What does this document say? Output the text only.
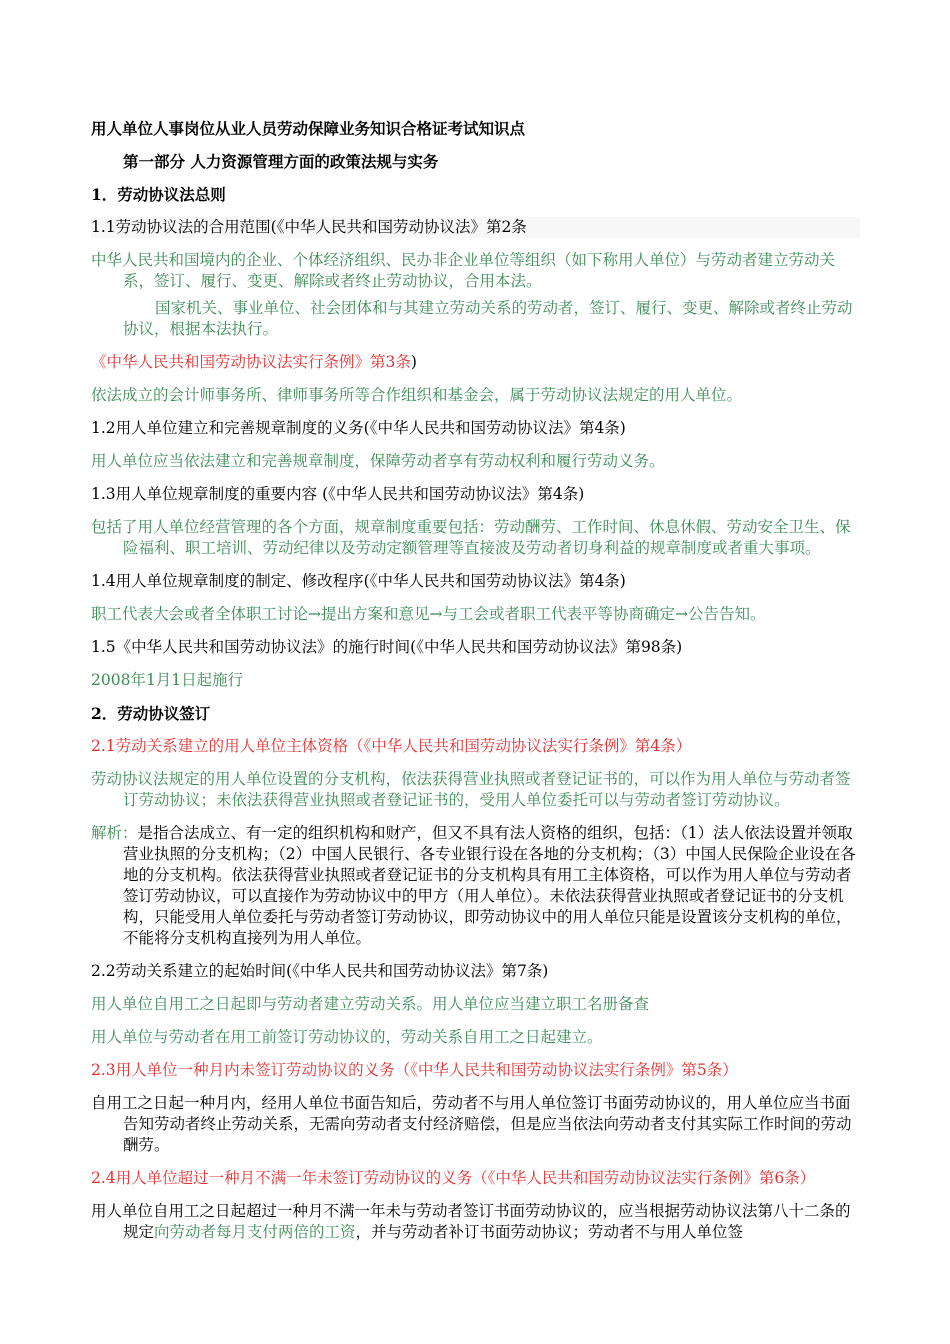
用人单位人事岗位从业人员劳动保障业务知识合格证考试知识点
第一部分 人力资源管理方面的政策法规与实务
1．劳动协议法总则
1.1劳动协议法的合用范围(《中华人民共和国劳动协议法》第2条
中华人民共和国境内的企业、个体经济组织、民办非企业单位等组织（如下称用人单位）与劳动者建立劳动关系，签订、履行、变更、解除或者终止劳动协议，合用本法。
国家机关、事业单位、社会团体和与其建立劳动关系的劳动者，签订、履行、变更、解除或者终止劳动协议，根据本法执行。
《中华人民共和国劳动协议法实行条例》第3条)
依法成立的会计师事务所、律师事务所等合作组织和基金会，属于劳动协议法规定的用人单位。
1.2用人单位建立和完善规章制度的义务(《中华人民共和国劳动协议法》第4条)
用人单位应当依法建立和完善规章制度，保障劳动者享有劳动权利和履行劳动义务。
1.3用人单位规章制度的重要内容 (《中华人民共和国劳动协议法》第4条)
包括了用人单位经营管理的各个方面，规章制度重要包括：劳动酬劳、工作时间、休息休假、劳动安全卫生、保险福利、职工培训、劳动纪律以及劳动定额管理等直接波及劳动者切身利益的规章制度或者重大事项。
1.4用人单位规章制度的制定、修改程序(《中华人民共和国劳动协议法》第4条)
职工代表大会或者全体职工讨论→提出方案和意见→与工会或者职工代表平等协商确定→公告告知。
1.5《中华人民共和国劳动协议法》的施行时间(《中华人民共和国劳动协议法》第98条)
2008年1月1日起施行
2．劳动协议签订
2.1劳动关系建立的用人单位主体资格（《中华人民共和国劳动协议法实行条例》第4条）
劳动协议法规定的用人单位设置的分支机构，依法获得营业执照或者登记证书的，可以作为用人单位与劳动者签订劳动协议；未依法获得营业执照或者登记证书的，受用人单位委托可以与劳动者签订劳动协议。
解析：是指合法成立、有一定的组织机构和财产，但又不具有法人资格的组织，包括：（1）法人依法设置并领取营业执照的分支机构；（2）中国人民银行、各专业银行设在各地的分支机构；（3）中国人民保险企业设在各地的分支机构。依法获得营业执照或者登记证书的分支机构具有用工主体资格，可以作为用人单位与劳动者签订劳动协议，可以直接作为劳动协议中的甲方（用人单位）。未依法获得营业执照或者登记证书的分支机构，只能受用人单位委托与劳动者签订劳动协议，即劳动协议中的用人单位只能是设置该分支机构的单位，不能将分支机构直接列为用人单位。
2.2劳动关系建立的起始时间(《中华人民共和国劳动协议法》第7条)
用人单位自用工之日起即与劳动者建立劳动关系。用人单位应当建立职工名册备查
用人单位与劳动者在用工前签订劳动协议的，劳动关系自用工之日起建立。
2.3用人单位一种月内未签订劳动协议的义务（《中华人民共和国劳动协议法实行条例》第5条）
自用工之日起一种月内，经用人单位书面告知后，劳动者不与用人单位签订书面劳动协议的，用人单位应当书面告知劳动者终止劳动关系，无需向劳动者支付经济赔偿，但是应当依法向劳动者支付其实际工作时间的劳动酬劳。
2.4用人单位超过一种月不满一年未签订劳动协议的义务（《中华人民共和国劳动协议法实行条例》第6条）
用人单位自用工之日起超过一种月不满一年未与劳动者签订书面劳动协议的，应当根据劳动协议法第八十二条的规定向劳动者每月支付两倍的工资，并与劳动者补订书面劳动协议；劳动者不与用人单位签
